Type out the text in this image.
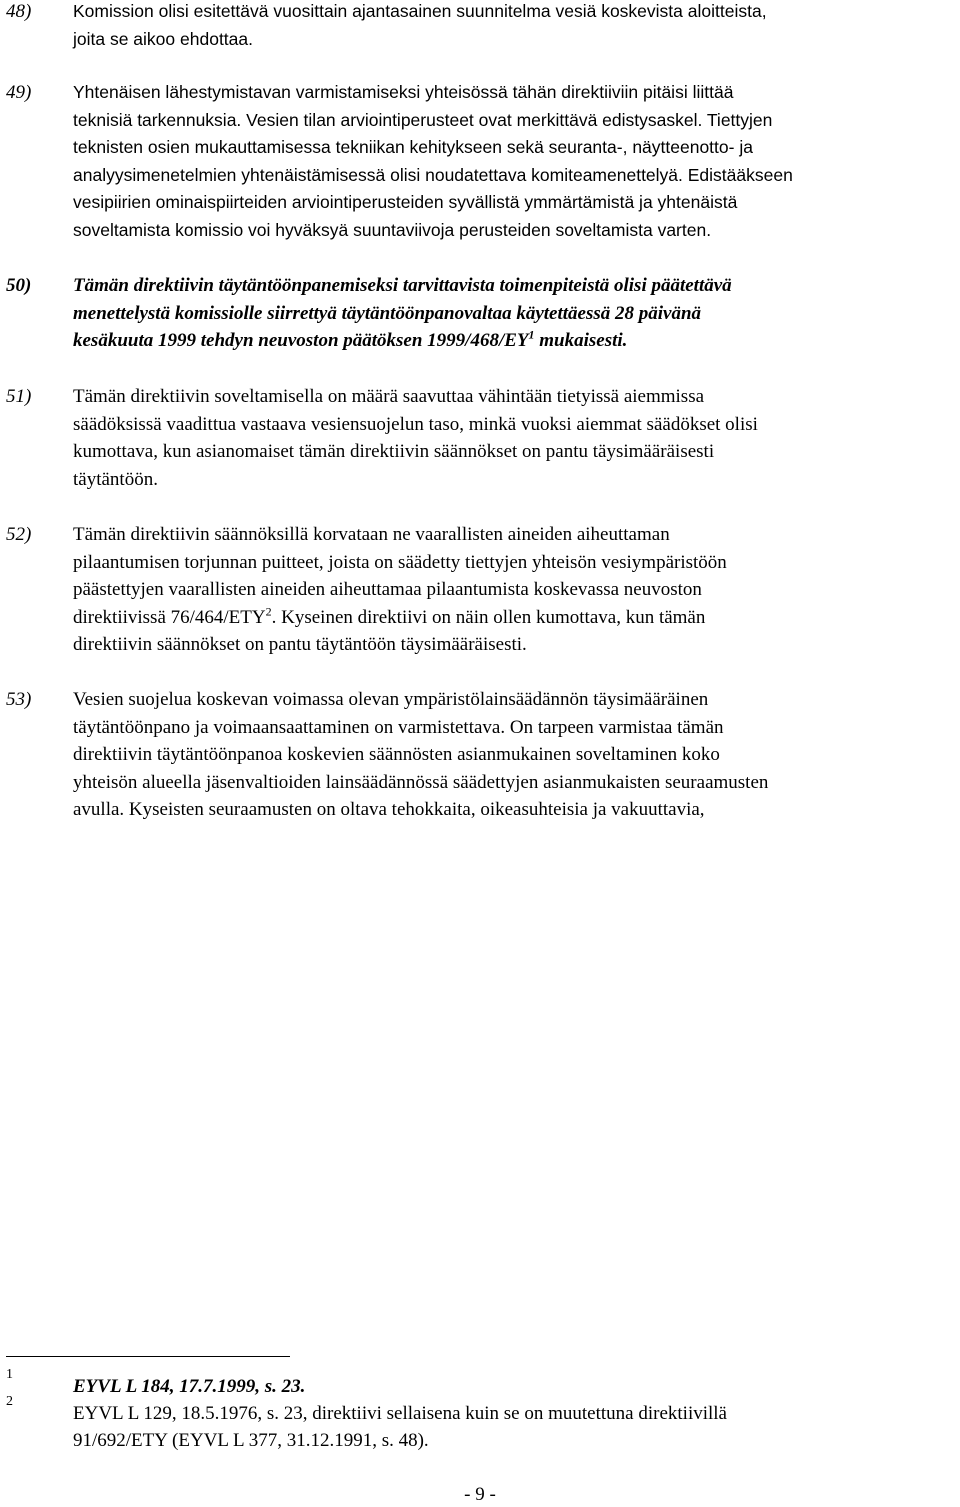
48) Komission olisi esitettävä vuosittain ajantasainen suunnitelma vesiä koskevista aloitteista,
joita se aikoo ehdottaa.
49) Yhtenäisen lähestymistavan varmistamiseksi yhteisössä tähän direktiiviin pitäisi liittää
teknisiä tarkennuksia. Vesien tilan arviointiperusteet ovat merkittävä edistysaskel. Tiettyjen
teknisten osien mukauttamisessa tekniikan kehitykseen sekä seuranta-, näytteenotto- ja
analyysimenetelmien yhtenäistämisessä olisi noudatettava komiteamenettelyä. Edistääkseen
vesipiirien ominaispiirteiden arviointiperusteiden syvällistä ymmärtämistä ja yhtenäistä
soveltamista komissio voi hyväksyä suuntaviivoja perusteiden soveltamista varten.
50) Tämän direktiivin täytäntöönpanemiseksi tarvittavista toimenpiteistä olisi päätettävä
menettelystä komissiolle siirrettyä täytäntöönpanovaltaa käytettäessä 28 päivänä
kesäkuuta 1999 tehdyn neuvoston päätöksen $1999/468/EY^1$ mukaisesti.
51) Tämän direktiivin soveltamisella on määrä saavuttaa vähintään tietyissä aiemmissa
säädöksissä vaadittua vastaava vesiensuojelun taso, minkä vuoksi aiemmat säädökset olisi
kumottava, kun asianomaiset tämän direktiivin säännökset on pantu täysimääräisesti
täytäntöön.
52) Tämän direktiivin säännöksillä korvataan ne vaarallisten aineiden aiheuttaman
pilaantumisen torjunnan puitteet, joista on säädetty tiettyjen yhteisön vesiympäristöön
päästettyjen vaarallisten aineiden aiheuttamaa pilaantumista koskevassa neuvoston
direktiivissä 76/464/ETY$^2$. Kyseinen direktiivi on näin ollen kumottava, kun tämän
direktiivin säännökset on pantu täytäntöön täysimääräisesti.
53) Vesien suojelua koskevan voimassa olevan ympäristölainsäädännön täysimääräinen
täytäntöönpano ja voimaansaattaminen on varmistettava. On tarpeen varmistaa tämän
direktiivin täytäntöönpanoa koskevien säännösten asianmukainen soveltaminen koko
yhteisön alueella jäsenvaltioiden lainsäädännössä säädettyjen asianmukaisten seuraamusten
avulla. Kyseisten seuraamusten on oltava tehokkaita, oikeasuhteisia ja vakuuttavia,
1
EYVL L 184, 17.7.1999, s. 23.
2
EYVL L 129, 18.5.1976, s. 23, direktiivi sellaisena kuin se on muutettuna direktiivillä
91/692/ETY (EYVL L 377, 31.12.1991, s. 48).
- 9 -
